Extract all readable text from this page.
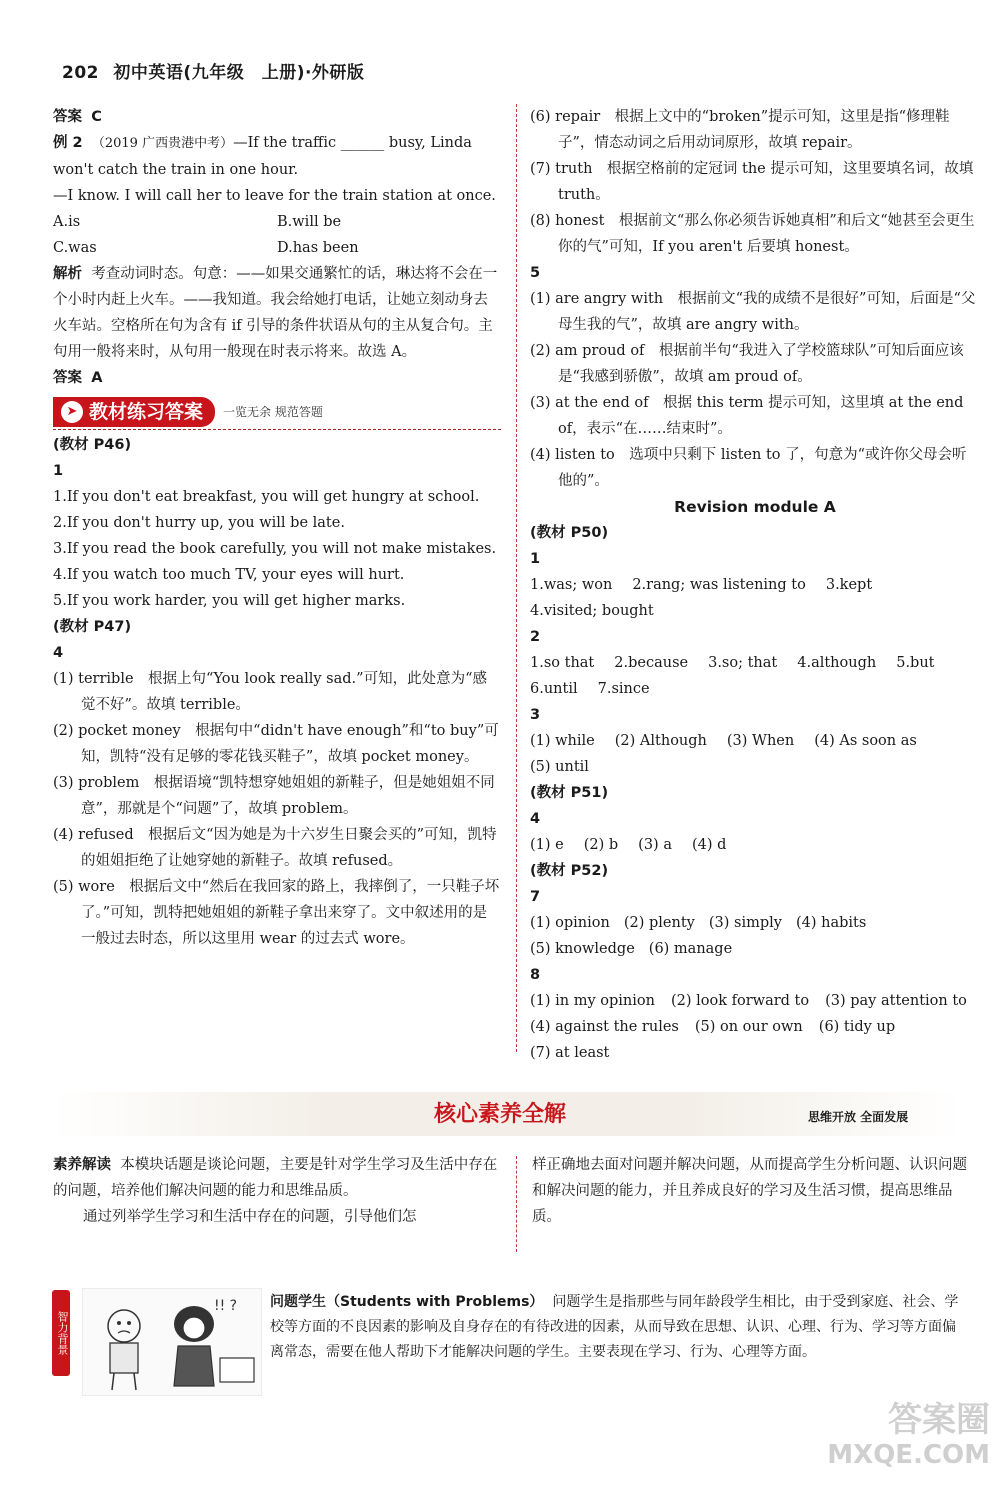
202 初中英语(九年级　上册)·外研版

答案 C

例 2 （2019 广西贵港中考）—If the traffic ______ busy, Linda won't catch the train in one hour.

—I know. I will call her to leave for the train station at once.

A.is	B.will be

C.was	D.has been

解析 考查动词时态。句意：——如果交通繁忙的话，琳达将不会在一个小时内赶上火车。——我知道。我会给她打电话，让她立刻动身去火车站。空格所在句为含有 if 引导的条件状语从句的主从复合句。主句用一般将来时，从句用一般现在时表示将来。故选 A。

答案 A

➤ 教材练习答案 一览无余 规范答题

(教材 P46)

1

1.If you don't eat breakfast, you will get hungry at school.

2.If you don't hurry up, you will be late.

3.If you read the book carefully, you will not make mistakes.

4.If you watch too much TV, your eyes will hurt.

5.If you work harder, you will get higher marks.

(教材 P47)

4

(1) terrible　根据上句“You look really sad.”可知，此处意为“感觉不好”。故填 terrible。

(2) pocket money　根据句中“didn't have enough”和“to buy”可知，凯特“没有足够的零花钱买鞋子”，故填 pocket money。

(3) problem　根据语境“凯特想穿她姐姐的新鞋子，但是她姐姐不同意”，那就是个“问题”了，故填 problem。

(4) refused　根据后文“因为她是为十六岁生日聚会买的”可知，凯特的姐姐拒绝了让她穿她的新鞋子。故填 refused。

(5) wore　根据后文中“然后在我回家的路上，我摔倒了，一只鞋子坏了。”可知，凯特把她姐姐的新鞋子拿出来穿了。文中叙述用的是一般过去时态，所以这里用 wear 的过去式 wore。

(6) repair　根据上文中的“broken”提示可知，这里是指“修理鞋子”，情态动词之后用动词原形，故填 repair。

(7) truth　根据空格前的定冠词 the 提示可知，这里要填名词，故填 truth。

(8) honest　根据前文“那么你必须告诉她真相”和后文“她甚至会更生你的气”可知，If you aren't 后要填 honest。

5

(1) are angry with　根据前文“我的成绩不是很好”可知，后面是“父母生我的气”，故填 are angry with。

(2) am proud of　根据前半句“我进入了学校篮球队”可知后面应该是“我感到骄傲”，故填 am proud of。

(3) at the end of　根据 this term 提示可知，这里填 at the end of，表示“在……结束时”。

(4) listen to　选项中只剩下 listen to 了，句意为“或许你父母会听他的”。

Revision module A

(教材 P50)

1

1.was; won 2.rang; was listening to 3.kept
4.visited; bought

2

1.so that 2.because 3.so; that 4.although 5.but
6.until 7.since

3

(1) while (2) Although (3) When (4) As soon as
(5) until

(教材 P51)

4

(1) e (2) b (3) a (4) d

(教材 P52)

7

(1) opinion (2) plenty (3) simply (4) habits
(5) knowledge (6) manage

8

(1) in my opinion (2) look forward to (3) pay attention to
(4) against the rules (5) on our own (6) tidy up
(7) at least

核心素养全解	思维开放 全面发展
素养解读 本模块话题是谈论问题，主要是针对学生学习及生活中存在的问题，培养他们解决问题的能力和思维品质。
通过列举学生学习和生活中存在的问题，引导他们怎
样正确地去面对问题并解决问题，从而提高学生分析问题、认识问题和解决问题的能力，并且养成良好的学习及生活习惯，提高思维品质。
智力背景
!! ? 问题学生（Students with Problems） 问题学生是指那些与同年龄段学生相比，由于受到家庭、社会、学校等方面的不良因素的影响及自身存在的有待改进的因素，从而导致在思想、认识、心理、行为、学习等方面偏离常态，需要在他人帮助下才能解决问题的学生。主要表现在学习、行为、心理等方面。
答案圈
MXQE.COM
